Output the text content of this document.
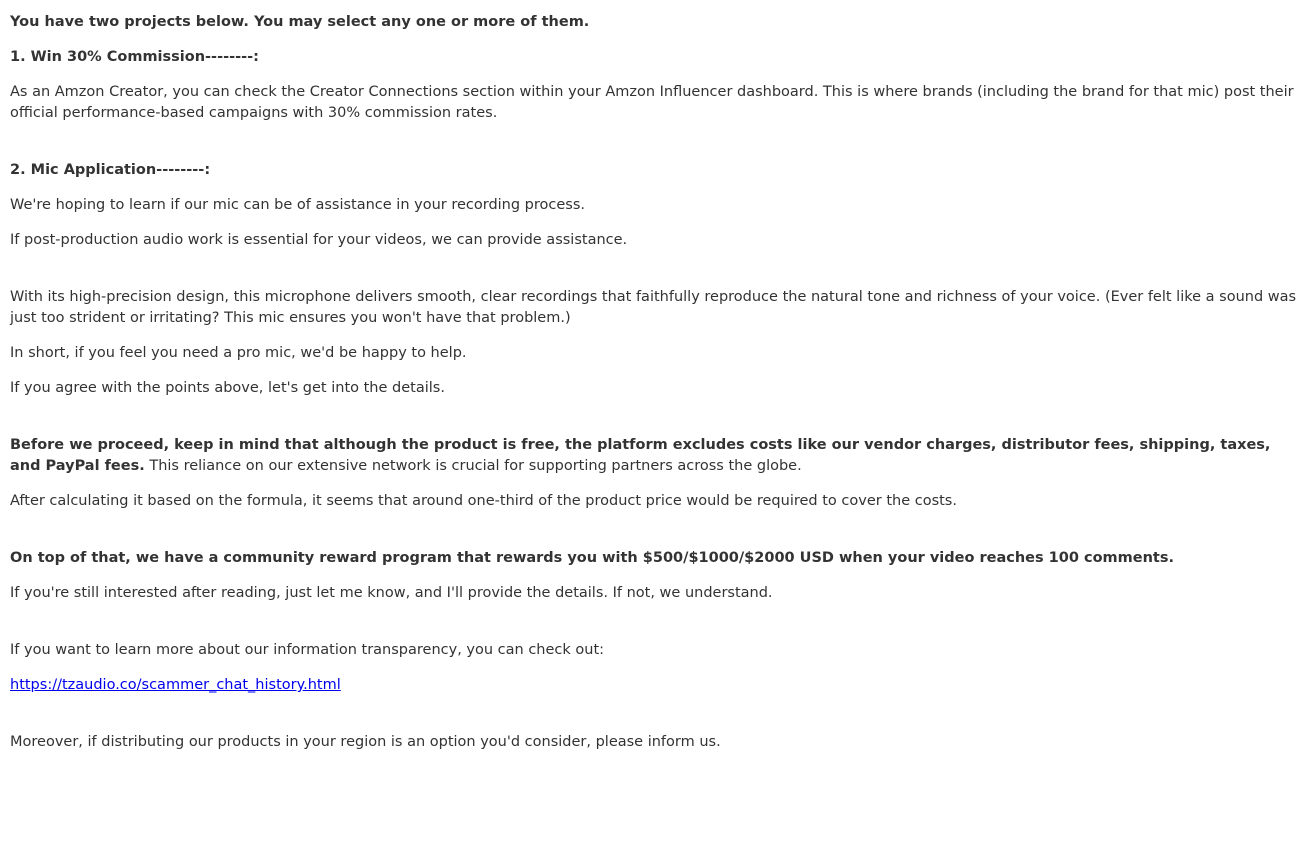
You have two projects below. You may select any one or more of them.

1. Win 30% Commission--------:

As an Amzon Creator, you can check the Creator Connections section within your Amzon Influencer dashboard. This is where brands (including the brand for that mic) post their official performance-based campaigns with 30% commission rates.

2. Mic Application--------:

We're hoping to learn if our mic can be of assistance in your recording process.

If post-production audio work is essential for your videos, we can provide assistance.

With its high-precision design, this microphone delivers smooth, clear recordings that faithfully reproduce the natural tone and richness of your voice. (Ever felt like a sound was just too strident or irritating? This mic ensures you won't have that problem.)

In short, if you feel you need a pro mic, we'd be happy to help.

If you agree with the points above, let's get into the details.

Before we proceed, keep in mind that although the product is free, the platform excludes costs like our vendor charges, distributor fees, shipping, taxes, and PayPal fees. This reliance on our extensive network is crucial for supporting partners across the globe.

After calculating it based on the formula, it seems that around one-third of the product price would be required to cover the costs.

On top of that, we have a community reward program that rewards you with $500/$1000/$2000 USD when your video reaches 100 comments.

If you're still interested after reading, just let me know, and I'll provide the details. If not, we understand.

If you want to learn more about our information transparency, you can check out:

https://tzaudio.co/scammer_chat_history.html

Moreover, if distributing our products in your region is an option you'd consider, please inform us.
